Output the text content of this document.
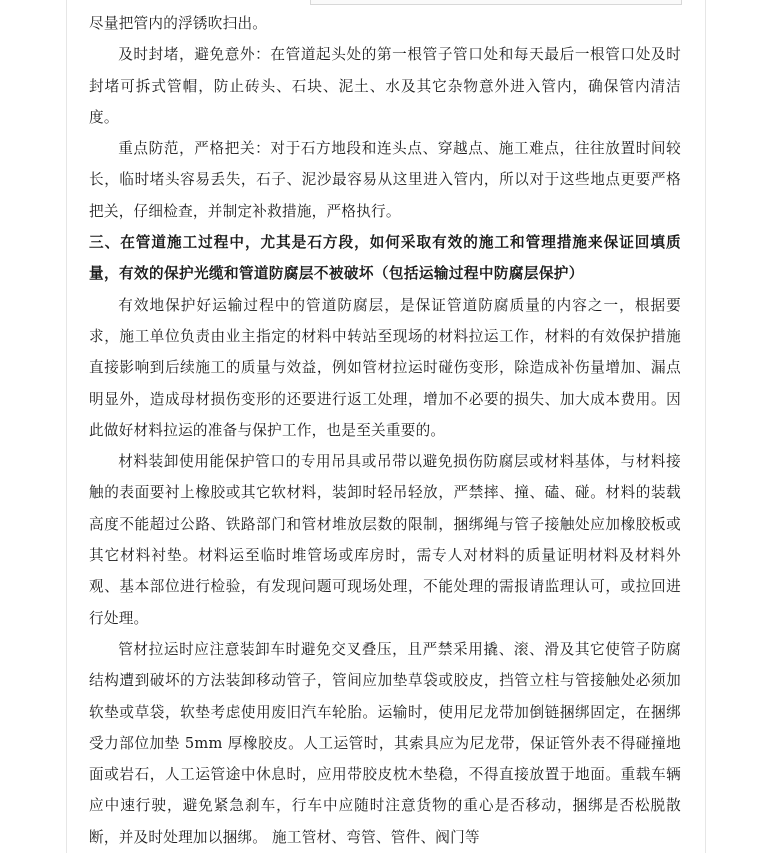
尽量把管内的浮锈吹扫出。

及时封堵，避免意外：在管道起头处的第一根管子管口处和每天最后一根管口处及时封堵可拆式管帽，防止砖头、石块、泥土、水及其它杂物意外进入管内，确保管内清洁度。

重点防范，严格把关：对于石方地段和连头点、穿越点、施工难点，往往放置时间较长，临时堵头容易丢失，石子、泥沙最容易从这里进入管内，所以对于这些地点更要严格把关，仔细检查，并制定补救措施，严格执行。

三、在管道施工过程中，尤其是石方段，如何采取有效的施工和管理措施来保证回填质量，有效的保护光缆和管道防腐层不被破坏（包括运输过程中防腐层保护）

有效地保护好运输过程中的管道防腐层，是保证管道防腐质量的内容之一，根据要求，施工单位负责由业主指定的材料中转站至现场的材料拉运工作，材料的有效保护措施直接影响到后续施工的质量与效益，例如管材拉运时碰伤变形，除造成补伤量增加、漏点明显外，造成母材损伤变形的还要进行返工处理，增加不必要的损失、加大成本费用。因此做好材料拉运的准备与保护工作，也是至关重要的。

材料装卸使用能保护管口的专用吊具或吊带以避免损伤防腐层或材料基体，与材料接触的表面要衬上橡胶或其它软材料，装卸时轻吊轻放，严禁摔、撞、磕、碰。材料的装载高度不能超过公路、铁路部门和管材堆放层数的限制，捆绑绳与管子接触处应加橡胶板或其它材料衬垫。材料运至临时堆管场或库房时，需专人对材料的质量证明材料及材料外观、基本部位进行检验，有发现问题可现场处理，不能处理的需报请监理认可，或拉回进行处理。

管材拉运时应注意装卸车时避免交叉叠压，且严禁采用撬、滚、滑及其它使管子防腐结构遭到破坏的方法装卸移动管子，管间应加垫草袋或胶皮，挡管立柱与管接触处必须加软垫或草袋，软垫考虑使用废旧汽车轮胎。运输时，使用尼龙带加倒链捆绑固定，在捆绑受力部位加垫 5mm 厚橡胶皮。人工运管时，其索具应为尼龙带，保证管外表不得碰撞地面或岩石，人工运管途中休息时，应用带胶皮枕木垫稳，不得直接放置于地面。重载车辆应中速行驶，避免紧急刹车，行车中应随时注意货物的重心是否移动，捆绑是否松脱散断，并及时处理加以捆绑。 施工管材、弯管、管件、阀门等
